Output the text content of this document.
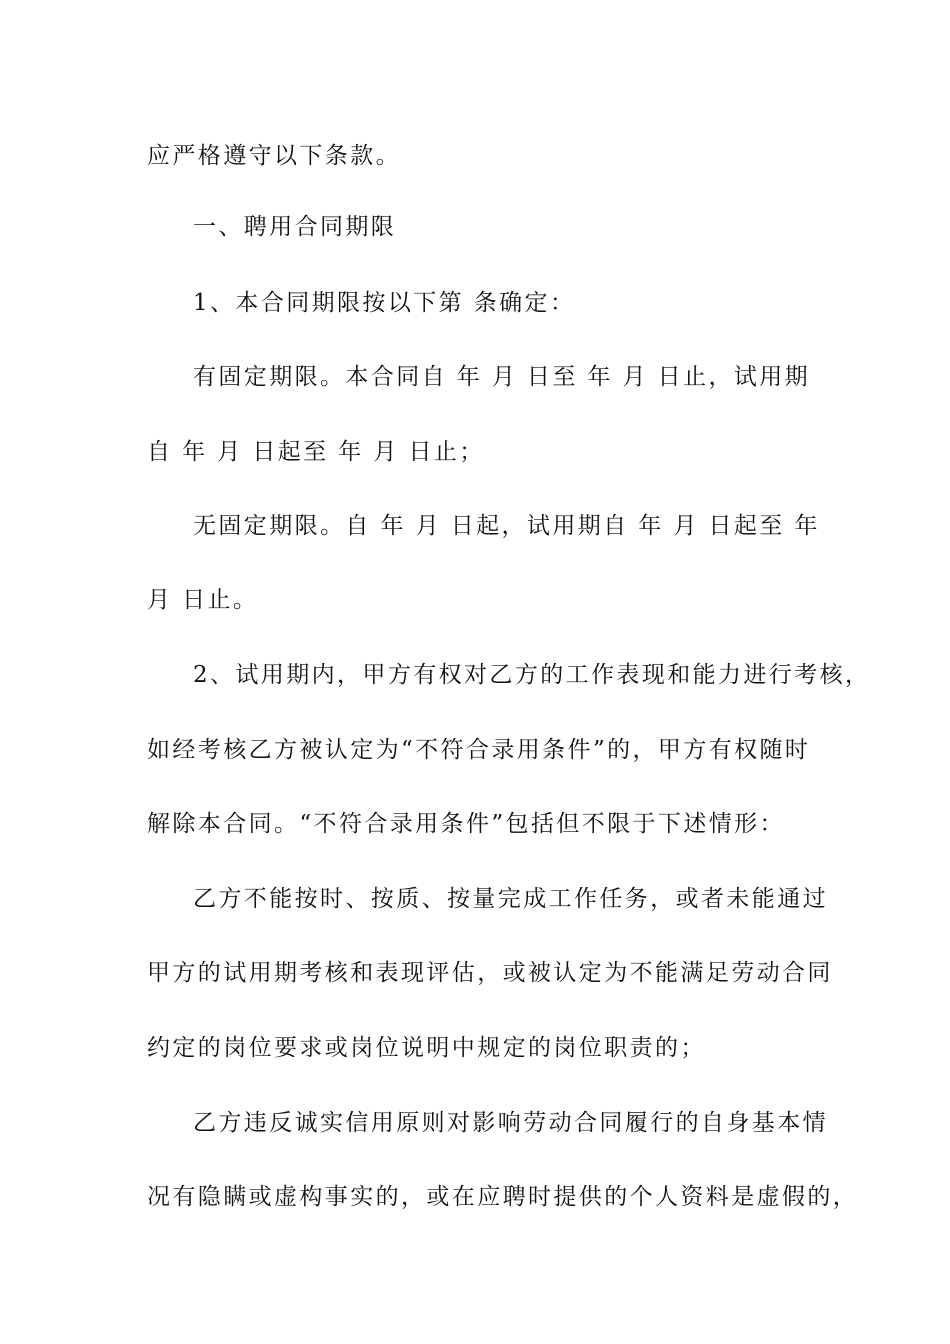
应严格遵守以下条款。

一、聘用合同期限

1、本合同期限按以下第 条确定：

有固定期限。本合同自 年 月 日至 年 月 日止，试用期

自 年 月 日起至 年 月 日止；

无固定期限。自 年 月 日起，试用期自 年 月 日起至 年

月 日止。

2、试用期内，甲方有权对乙方的工作表现和能力进行考核，

如经考核乙方被认定为“不符合录用条件”的，甲方有权随时

解除本合同。“不符合录用条件”包括但不限于下述情形：

乙方不能按时、按质、按量完成工作任务，或者未能通过

甲方的试用期考核和表现评估，或被认定为不能满足劳动合同

约定的岗位要求或岗位说明中规定的岗位职责的；

乙方违反诚实信用原则对影响劳动合同履行的自身基本情

况有隐瞒或虚构事实的，或在应聘时提供的个人资料是虚假的，
